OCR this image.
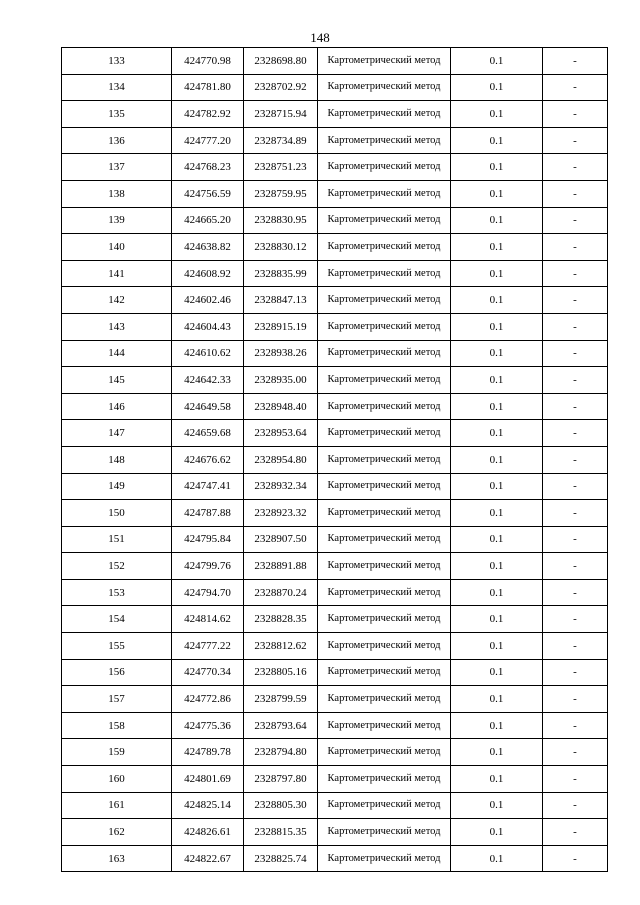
148
133	424770.98	2328698.80	Картометрический метод	0.1	-
134	424781.80	2328702.92	Картометрический метод	0.1	-
135	424782.92	2328715.94	Картометрический метод	0.1	-
136	424777.20	2328734.89	Картометрический метод	0.1	-
137	424768.23	2328751.23	Картометрический метод	0.1	-
138	424756.59	2328759.95	Картометрический метод	0.1	-
139	424665.20	2328830.95	Картометрический метод	0.1	-
140	424638.82	2328830.12	Картометрический метод	0.1	-
141	424608.92	2328835.99	Картометрический метод	0.1	-
142	424602.46	2328847.13	Картометрический метод	0.1	-
143	424604.43	2328915.19	Картометрический метод	0.1	-
144	424610.62	2328938.26	Картометрический метод	0.1	-
145	424642.33	2328935.00	Картометрический метод	0.1	-
146	424649.58	2328948.40	Картометрический метод	0.1	-
147	424659.68	2328953.64	Картометрический метод	0.1	-
148	424676.62	2328954.80	Картометрический метод	0.1	-
149	424747.41	2328932.34	Картометрический метод	0.1	-
150	424787.88	2328923.32	Картометрический метод	0.1	-
151	424795.84	2328907.50	Картометрический метод	0.1	-
152	424799.76	2328891.88	Картометрический метод	0.1	-
153	424794.70	2328870.24	Картометрический метод	0.1	-
154	424814.62	2328828.35	Картометрический метод	0.1	-
155	424777.22	2328812.62	Картометрический метод	0.1	-
156	424770.34	2328805.16	Картометрический метод	0.1	-
157	424772.86	2328799.59	Картометрический метод	0.1	-
158	424775.36	2328793.64	Картометрический метод	0.1	-
159	424789.78	2328794.80	Картометрический метод	0.1	-
160	424801.69	2328797.80	Картометрический метод	0.1	-
161	424825.14	2328805.30	Картометрический метод	0.1	-
162	424826.61	2328815.35	Картометрический метод	0.1	-
163	424822.67	2328825.74	Картометрический метод	0.1	-
